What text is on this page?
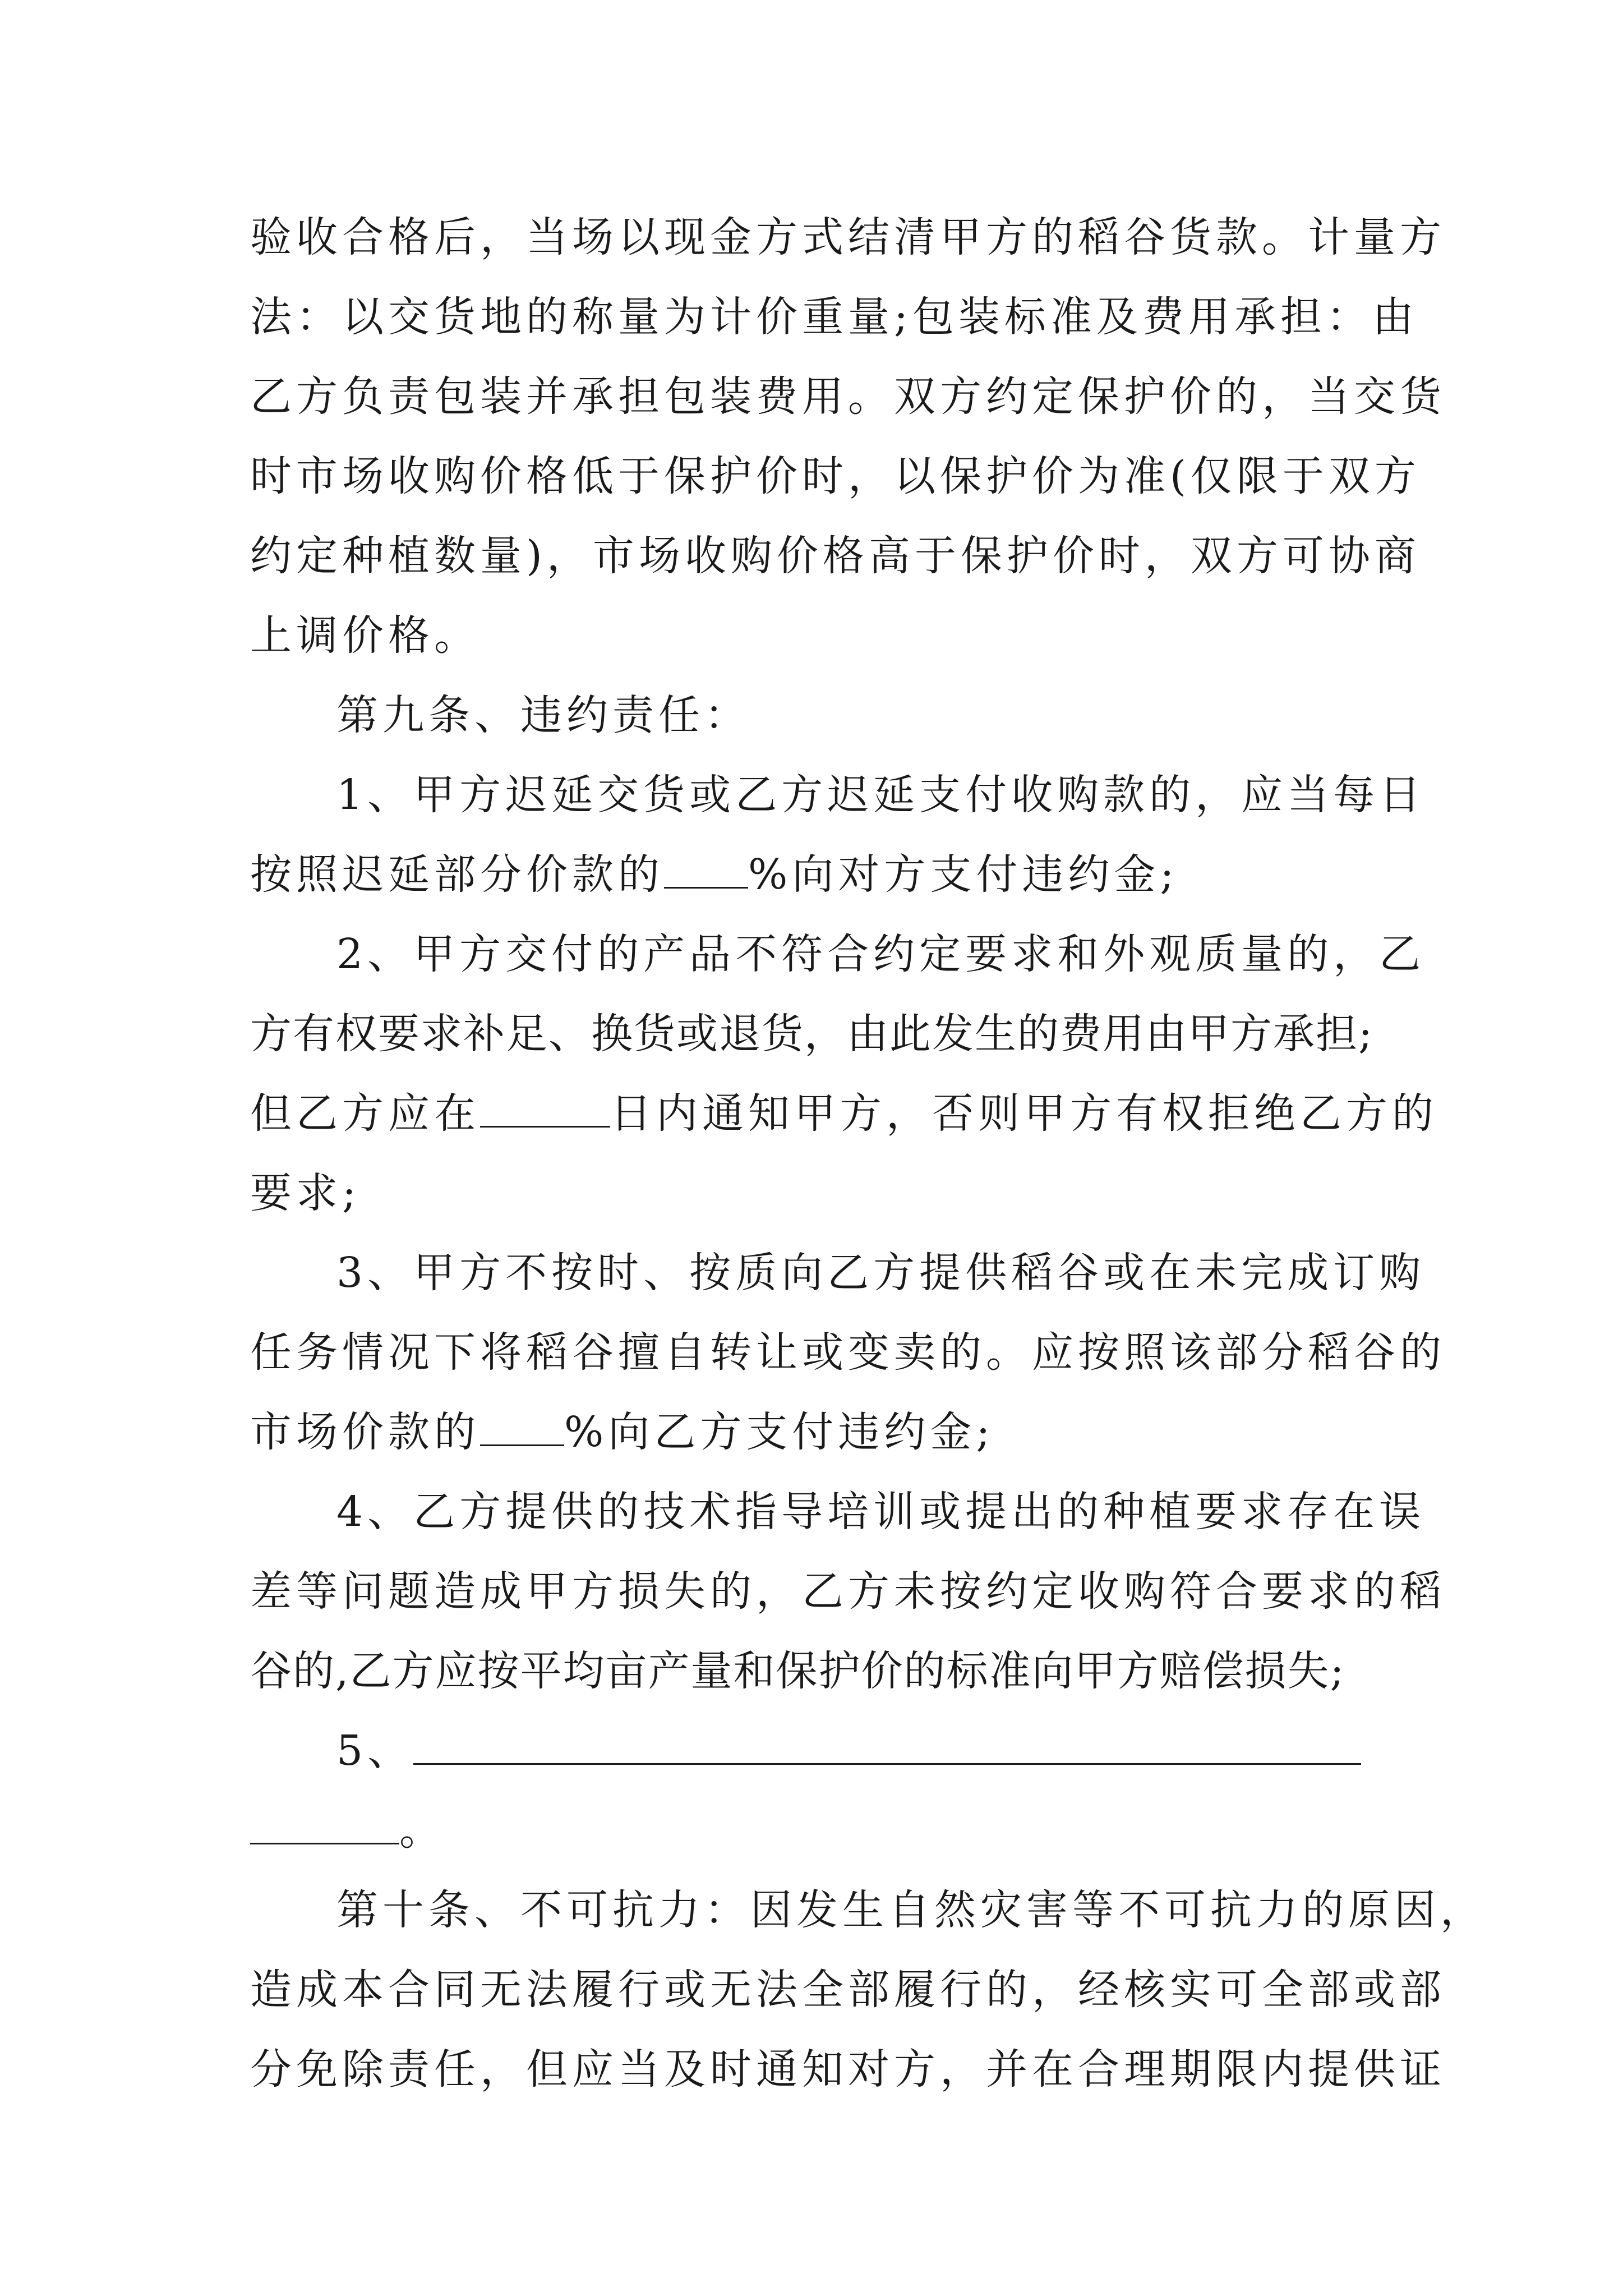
验收合格后，当场以现金方式结清甲方的稻谷货款。计量方
法：以交货地的称量为计价重量;包装标准及费用承担：由
乙方负责包装并承担包装费用。双方约定保护价的，当交货
时市场收购价格低于保护价时，以保护价为准(仅限于双方
约定种植数量)，市场收购价格高于保护价时，双方可协商
上调价格。
第九条、违约责任：
1、甲方迟延交货或乙方迟延支付收购款的，应当每日
按照迟延部分价款的 %向对方支付违约金;
2、甲方交付的产品不符合约定要求和外观质量的，乙
方有权要求补足、换货或退货，由此发生的费用由甲方承担;
但乙方应在	日内通知甲方，否则甲方有权拒绝乙方的
要求;
3、甲方不按时、按质向乙方提供稻谷或在未完成订购
任务情况下将稻谷擅自转让或变卖的。应按照该部分稻谷的
市场价款的 %向乙方支付违约金;
4、乙方提供的技术指导培训或提出的种植要求存在误
差等问题造成甲方损失的，乙方未按约定收购符合要求的稻
谷的,乙方应按平均亩产量和保护价的标准向甲方赔偿损失;
5、
。
第十条、不可抗力：因发生自然灾害等不可抗力的原因，
造成本合同无法履行或无法全部履行的，经核实可全部或部
分免除责任，但应当及时通知对方，并在合理期限内提供证
